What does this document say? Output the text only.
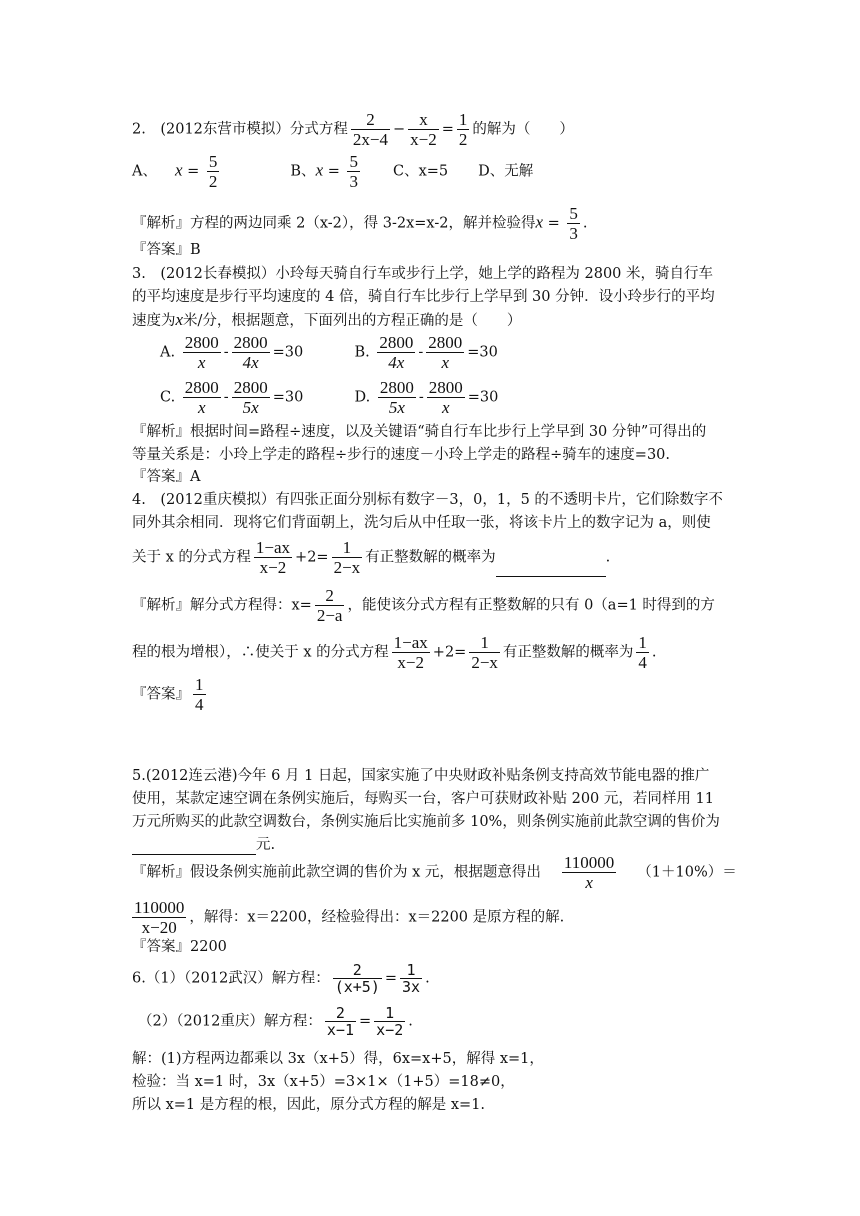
2.　(2012东营市模拟）分式方程 $\frac{2}{2x-4} - \frac{x}{x-2} = \frac{1}{2}$ 的解为（　　）
A、 $x = \frac{5}{2}$	B、$x = \frac{5}{3}$ C、x=5 D、无解
『解析』方程的两边同乘 2（x-2），得 3-2x=x-2，解并检验得$x = \frac{5}{3}$ .
『答案』B
3.　(2012长春模拟）小玲每天骑自行车或步行上学，她上学的路程为 2800 米，骑自行车
的平均速度是步行平均速度的 4 倍，骑自行车比步行上学早到 30 分钟．设小玲步行的平均
速度为x米/分，根据题意，下面列出的方程正确的是（　　）
A. $\frac{2800}{x} - \frac{2800}{4x} =30$	B. $\frac{2800}{4x} - \frac{2800}{x} =30$
C. $\frac{2800}{x} - \frac{2800}{5x} =30$	D. $\frac{2800}{5x} - \frac{2800}{x} =30$
『解析』根据时间=路程÷速度，以及关键语“骑自行车比步行上学早到 30 分钟”可得出的
等量关系是：小玲上学走的路程÷步行的速度－小玲上学走的路程÷骑车的速度=30.
『答案』A
4.　(2012重庆模拟）有四张正面分别标有数字－3，0，1，5 的不透明卡片，它们除数字不
同外其余相同．现将它们背面朝上，洗匀后从中任取一张，将该卡片上的数字记为 a，则使
关于 x 的分式方程 $\frac{1-ax}{x-2} +2= \frac{1}{2-x}$ 有正整数解的概率为	.
『解析』解分式方程得：$x= \frac{2}{2-a}$ ，能使该分式方程有正整数解的只有 0（a=1 时得到的方
程的根为增根），∴使关于 x 的分式方程 $\frac{1-ax}{x-2} +2= \frac{1}{2-x}$ 有正整数解的概率为 $\frac{1}{4}$ .
『答案』 $\frac{1}{4}$
5.(2012连云港)今年 6 月 1 日起，国家实施了中央财政补贴条例支持高效节能电器的推广
使用，某款定速空调在条例实施后，每购买一台，客户可获财政补贴 200 元，若同样用 11
万元所购买的此款空调数台，条例实施后比实施前多 10%，则条例实施前此款空调的售价为
元.
『解析』假设条例实施前此款空调的售价为 x 元，根据题意得出 $\frac{110000}{x} (1+10\%)=$
$\frac{110000}{x-20}$ ，解得：x＝2200，经检验得出：x＝2200 是原方程的解.
『答案』2200
6.（1）（2012武汉）解方程： $\frac{2}{(x+5)} = \frac{1}{3x}$ .
（2）（2012重庆）解方程： $\frac{2}{x-1} = \frac{1}{x-2}$ .
解：(1)方程两边都乘以 3x（x+5）得，6x=x+5，解得 x=1，
检验：当 x=1 时，3x（x+5）=3×1×（1+5）=18≠0，
所以 x=1 是方程的根，因此，原分式方程的解是 x=1.
